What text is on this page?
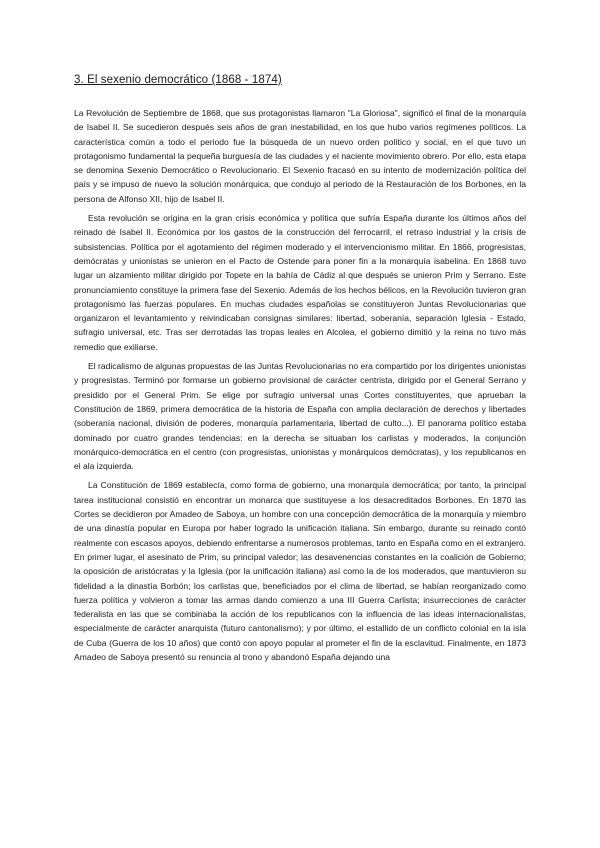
3. El sexenio democrático (1868 - 1874)

La Revolución de Septiembre de 1868, que sus protagonistas llamaron "La Gloriosa", significó el final de la monarquía de Isabel II. Se sucedieron después seis años de gran inestabilidad, en los que hubo varios regímenes políticos. La característica común a todo el periodo fue la búsqueda de un nuevo orden político y social, en el que tuvo un protagonismo fundamental la pequeña burguesía de las ciudades y el naciente movimiento obrero. Por ello, esta etapa se denomina Sexenio Democrático o Revolucionario. El Sexenio fracasó en su intento de modernización política del país y se impuso de nuevo la solución monárquica, que condujo al periodo de la Restauración de los Borbones, en la persona de Alfonso XII, hijo de Isabel II.

Esta revolución se origina en la gran crisis económica y política que sufría España durante los últimos años del reinado de Isabel II. Económica por los gastos de la construcción del ferrocarril, el retraso industrial y la crisis de subsistencias. Política por el agotamiento del régimen moderado y el intervencionismo militar. En 1866, progresistas, demócratas y unionistas se unieron en el Pacto de Ostende para poner fin a la monarquía isabelina. En 1868 tuvo lugar un alzamiento militar dirigido por Topete en la bahía de Cádiz al que después se unieron Prim y Serrano. Este pronunciamiento constituye la primera fase del Sexenio. Además de los hechos bélicos, en la Revolución tuvieron gran protagonismo las fuerzas populares. En muchas ciudades españolas se constituyeron Juntas Revolucionarias que organizaron el levantamiento y reivindicaban consignas similares: libertad, soberanía, separación Iglesia - Estado, sufragio universal, etc. Tras ser derrotadas las tropas leales en Alcolea, el gobierno dimitió y la reina no tuvo más remedio que exiliarse.

El radicalismo de algunas propuestas de las Juntas Revolucionarias no era compartido por los dirigentes unionistas y progresistas. Terminó por formarse un gobierno provisional de carácter centrista, dirigido por el General Serrano y presidido por el General Prim. Se elige por sufragio universal unas Cortes constituyentes, que aprueban la Constitución de 1869, primera democrática de la historia de España con amplia declaración de derechos y libertades (soberanía nacional, división de poderes, monarquía parlamentaria, libertad de culto...). El panorama político estaba dominado por cuatro grandes tendencias: en la derecha se situaban los carlistas y moderados, la conjunción monárquico-democrática en el centro (con progresistas, unionistas y monárquicos demócratas), y los republicanos en el ala izquierda.

La Constitución de 1869 establecía, como forma de gobierno, una monarquía democrática; por tanto, la principal tarea institucional consistió en encontrar un monarca que sustituyese a los desacreditados Borbones. En 1870 las Cortes se decidieron por Amadeo de Saboya, un hombre con una concepción democrática de la monarquía y miembro de una dinastía popular en Europa por haber logrado la unificación italiana. Sin embargo, durante su reinado contó realmente con escasos apoyos, debiendo enfrentarse a numerosos problemas, tanto en España como en el extranjero. En primer lugar, el asesinato de Prim, su principal valedor; las desavenencias constantes en la coalición de Gobierno; la oposición de aristócratas y la Iglesia (por la unificación italiana) así como la de los moderados, que mantuvieron su fidelidad a la dinastía Borbón; los carlistas que, beneficiados por el clima de libertad, se habían reorganizado como fuerza política y volvieron a tomar las armas dando comienzo a una III Guerra Carlista; insurrecciones de carácter federalista en las que se combinaba la acción de los republicanos con la influencia de las ideas internacionalistas, especialmente de carácter anarquista (futuro cantonalismo); y por último, el estallido de un conflicto colonial en la isla de Cuba (Guerra de los 10 años) que contó con apoyo popular al prometer el fin de la esclavitud. Finalmente, en 1873 Amadeo de Saboya presentó su renuncia al trono y abandonó España dejando una
